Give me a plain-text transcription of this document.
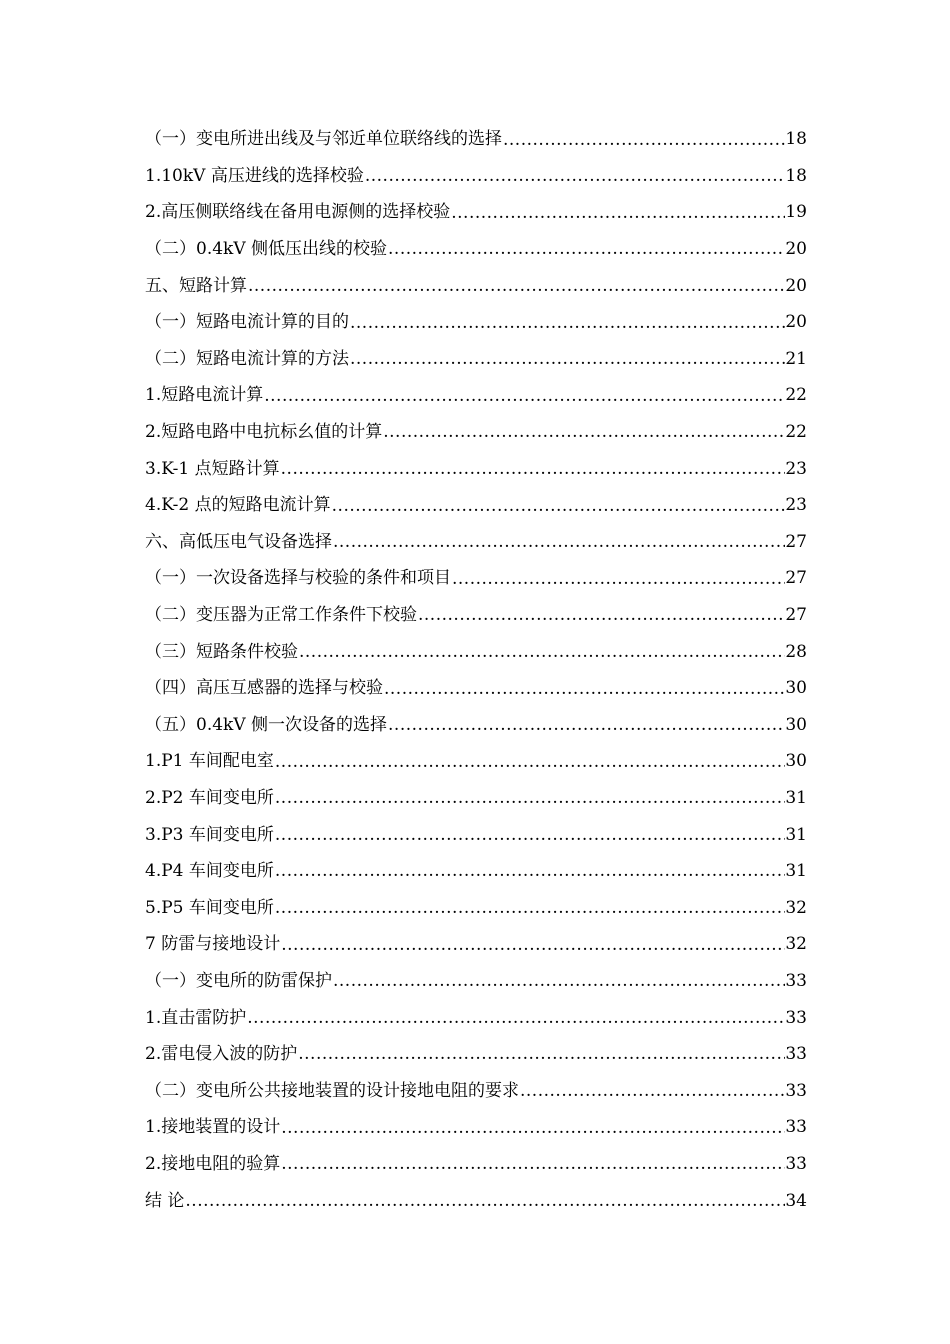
（一）变电所进出线及与邻近单位联络线的选择 .....	18
1.10kV 高压进线的选择校验 .....	18
2.高压侧联络线在备用电源侧的选择校验 .....	19
（二）0.4kV 侧低压出线的校验 .....	20
五、短路计算 .....	20
（一）短路电流计算的目的 .....	20
（二）短路电流计算的方法 .....	21
1.短路电流计算 .....	22
2.短路电路中电抗标幺值的计算 .....	22
3.K-1 点短路计算 .....	23
4.K-2 点的短路电流计算 .....	23
六、高低压电气设备选择 .....	27
（一）一次设备选择与校验的条件和项目 .....	27
（二）变压器为正常工作条件下校验 .....	27
（三）短路条件校验 .....	28
（四）高压互感器的选择与校验 .....	30
（五）0.4kV 侧一次设备的选择 .....	30
1.P1 车间配电室 .....	30
2.P2 车间变电所 .....	31
3.P3 车间变电所 .....	31
4.P4 车间变电所 .....	31
5.P5 车间变电所 .....	32
7 防雷与接地设计 .....	32
（一）变电所的防雷保护 .....	33
1.直击雷防护 .....	33
2.雷电侵入波的防护 .....	33
（二）变电所公共接地装置的设计接地电阻的要求 .....	33
1.接地装置的设计 .....	33
2.接地电阻的验算 .....	33
结 论 .....	34
